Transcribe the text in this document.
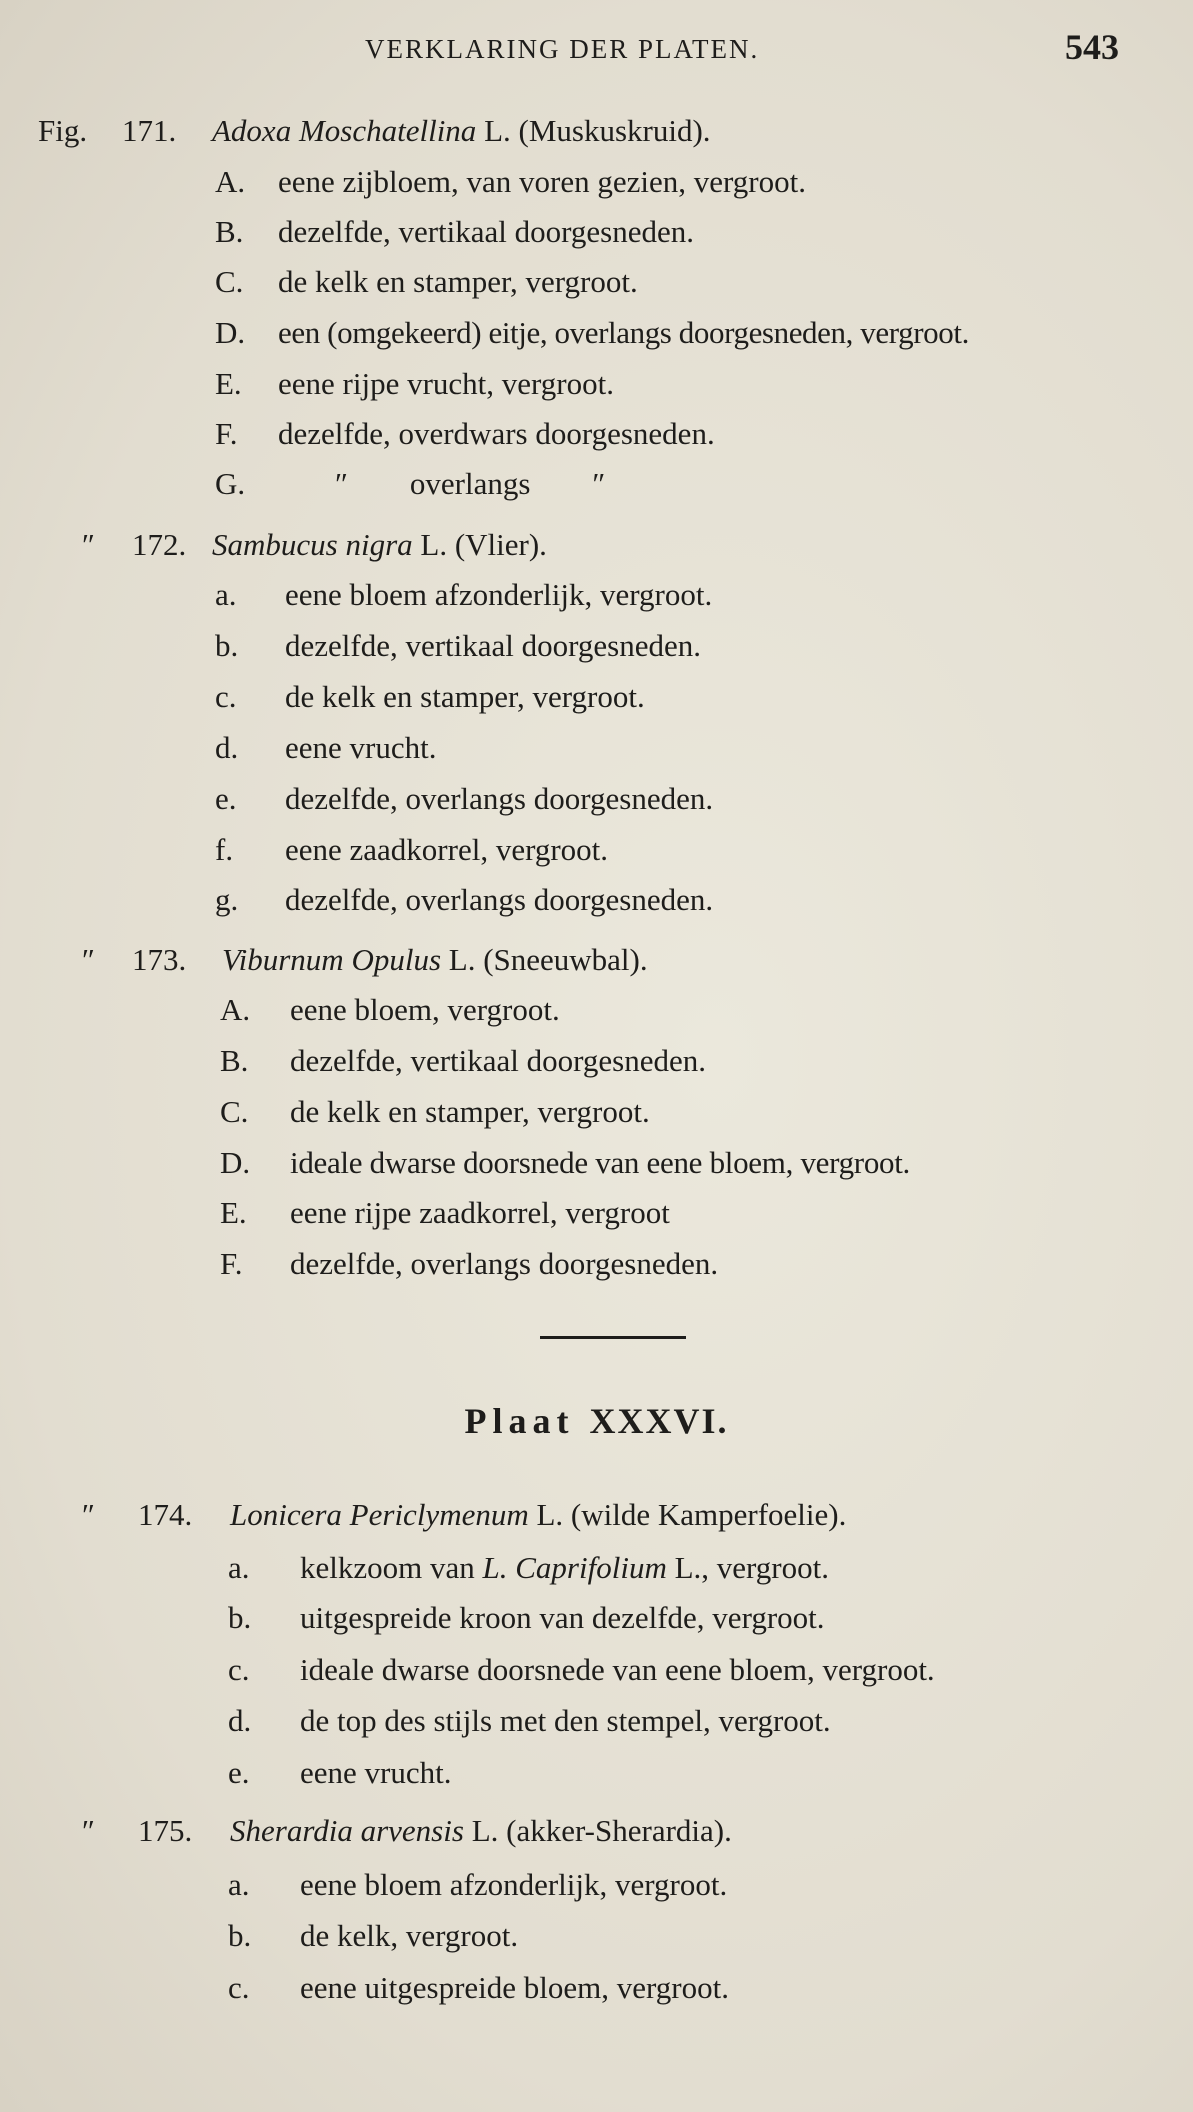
VERKLARING DER PLATEN.	543
Fig. 171. Adoxa Moschatellina L. (Muskuskruid).
A. eene zijbloem, van voren gezien, vergroot.
B. dezelfde, vertikaal doorgesneden.
C. de kelk en stamper, vergroot.
D. een (omgekeerd) eitje, overlangs doorgesneden, vergroot.
E. eene rijpe vrucht, vergroot.
F. dezelfde, overdwars doorgesneden.
G.	″        overlangs        ″
″ 172. Sambucus nigra L. (Vlier).
a. eene bloem afzonderlijk, vergroot.
b. dezelfde, vertikaal doorgesneden.
c. de kelk en stamper, vergroot.
d. eene vrucht.
e. dezelfde, overlangs doorgesneden.
f. eene zaadkorrel, vergroot.
g. dezelfde, overlangs doorgesneden.
″ 173. Viburnum Opulus L. (Sneeuwbal).
A. eene bloem, vergroot.
B. dezelfde, vertikaal doorgesneden.
C. de kelk en stamper, vergroot.
D. ideale dwarse doorsnede van eene bloem, vergroot.
E. eene rijpe zaadkorrel, vergroot
F. dezelfde, overlangs doorgesneden.
Plaat XXXVI.
″ 174. Lonicera Periclymenum L. (wilde Kamperfoelie).
a. kelkzoom van L. Caprifolium L., vergroot.
b. uitgespreide kroon van dezelfde, vergroot.
c. ideale dwarse doorsnede van eene bloem, vergroot.
d. de top des stijls met den stempel, vergroot.
e. eene vrucht.
″ 175. Sherardia arvensis L. (akker-Sherardia).
a. eene bloem afzonderlijk, vergroot.
b. de kelk, vergroot.
c. eene uitgespreide bloem, vergroot.
